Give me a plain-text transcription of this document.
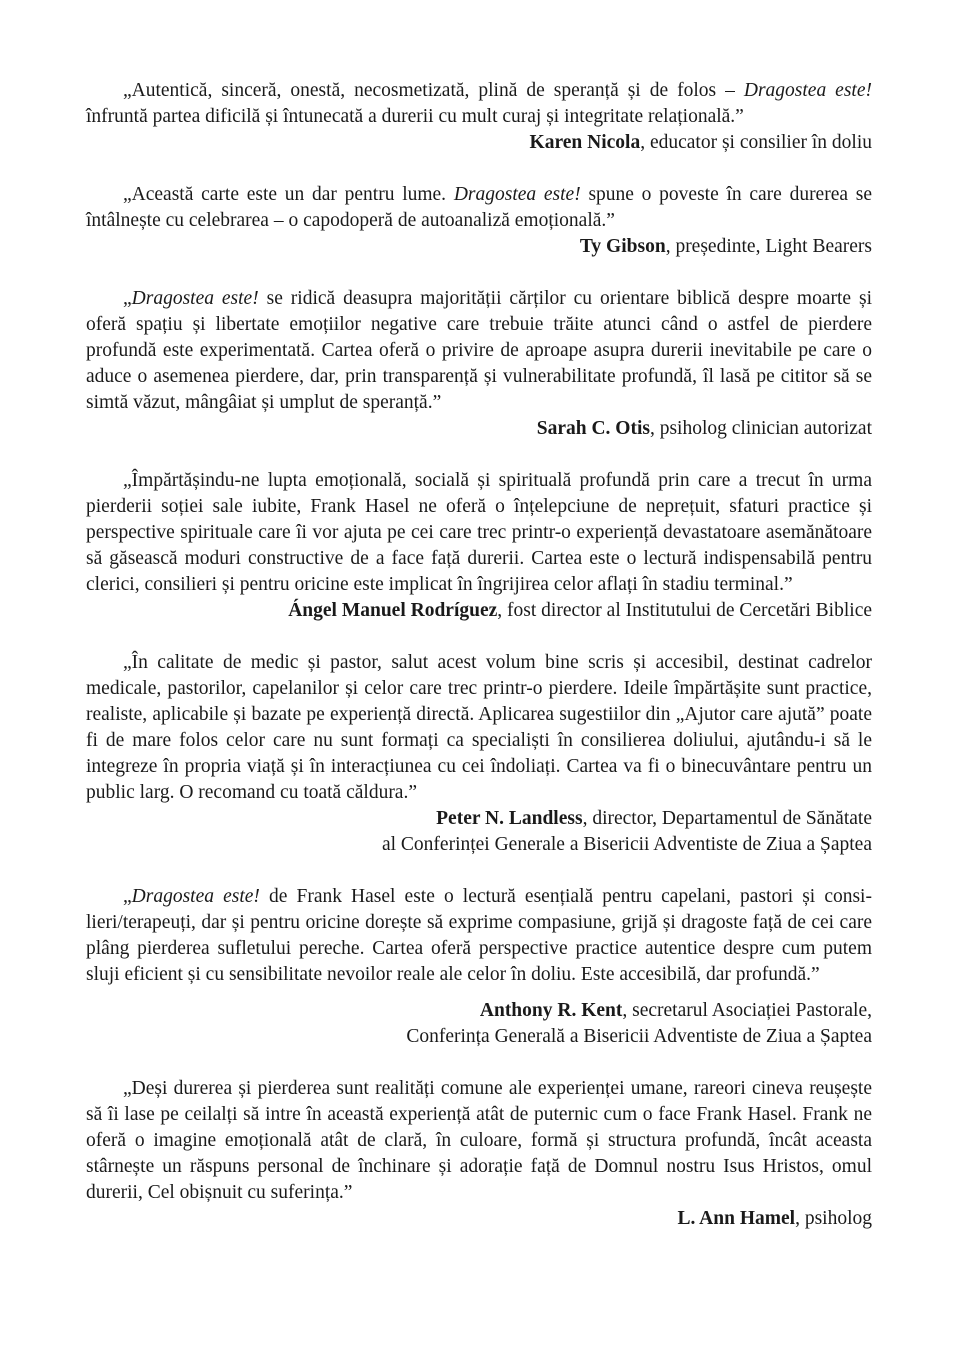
„Autentică, sinceră, onestă, necosmetizată, plină de speranță și de folos – Dragostea este! înfruntă partea dificilă și întunecată a durerii cu mult curaj și integritate relațională.”

Karen Nicola, educator și consilier în doliu

„Această carte este un dar pentru lume. Dragostea este! spune o poveste în care durerea se întâlnește cu celebrarea – o capodoperă de autoanaliză emoțională.”

Ty Gibson, președinte, Light Bearers

„Dragostea este! se ridică deasupra majorității cărților cu orientare biblică despre moarte și oferă spațiu și libertate emoțiilor negative care trebuie trăite atunci când o astfel de pierdere profundă este experimentată. Cartea oferă o privire de aproape asupra durerii inevitabile pe care o aduce o asemenea pierdere, dar, prin transparență și vulnerabilitate profundă, îl lasă pe cititor să se simtă văzut, mângâiat și umplut de speranță.”

Sarah C. Otis, psiholog clinician autorizat

„Împărtășindu-ne lupta emoțională, socială și spirituală profundă prin care a trecut în urma pierderii soției sale iubite, Frank Hasel ne oferă o înțelepciune de neprețuit, sfaturi practice și perspective spirituale care îi vor ajuta pe cei care trec printr-o experiență devastatoare asemănătoare să găsească moduri constructive de a face față durerii. Cartea este o lectură indispensabilă pentru clerici, consilieri și pentru oricine este implicat în îngrijirea celor aflați în stadiu terminal.”

Ángel Manuel Rodríguez, fost director al Institutului de Cercetări Biblice

„În calitate de medic și pastor, salut acest volum bine scris și accesibil, destinat cadrelor medicale, pastorilor, capelanilor și celor care trec printr-o pierdere. Ideile împărtășite sunt practice, realiste, aplicabile și bazate pe experiență directă. Aplicarea sugestiilor din „Ajutor care ajută” poate fi de mare folos celor care nu sunt formați ca specialiști în consilierea doliului, ajutându-i să le integreze în propria viață și în interacțiunea cu cei îndoliați. Cartea va fi o binecuvântare pentru un public larg. O recomand cu toată căldura.”

Peter N. Landless, director, Departamentul de Sănătate

al Conferinței Generale a Bisericii Adventiste de Ziua a Șaptea

„Dragostea este! de Frank Hasel este o lectură esențială pentru capelani, pastori și consilieri/terapeuți, dar și pentru oricine dorește să exprime compasiune, grijă și dragoste față de cei care plâng pierderea sufletului pereche. Cartea oferă perspective practice autentice despre cum putem sluji eficient și cu sensibilitate nevoilor reale ale celor în doliu. Este accesibilă, dar profundă.”

Anthony R. Kent, secretarul Asociației Pastorale,

Conferința Generală a Bisericii Adventiste de Ziua a Șaptea

„Deși durerea și pierderea sunt realități comune ale experienței umane, rareori cineva reușește să îi lase pe ceilalți să intre în această experiență atât de puternic cum o face Frank Hasel. Frank ne oferă o imagine emoțională atât de clară, în culoare, formă și structura profundă, încât aceasta stârnește un răspuns personal de închinare și adorație față de Domnul nostru Isus Hristos, omul durerii, Cel obișnuit cu suferința.”

L. Ann Hamel, psiholog
